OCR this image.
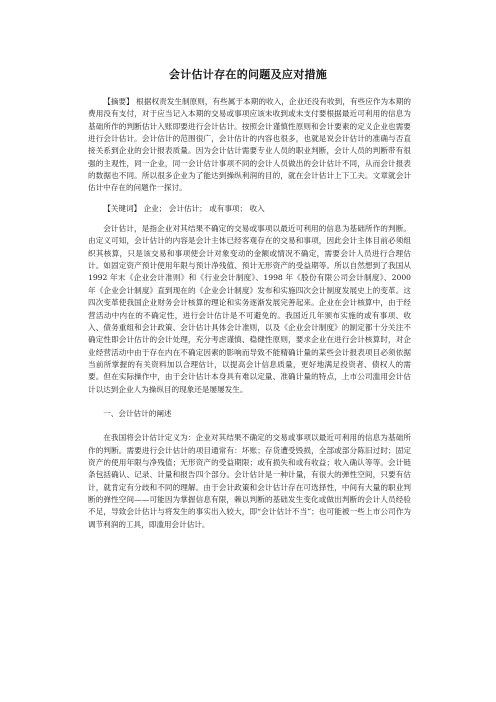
会计估计存在的问题及应对措施

【摘要】 根据权责发生制原则，有些属于本期的收入，企业还没有收到，有些应作为本期的费用没有支付，对于应当记入本期的交易或事项应该未收到或未支付要根据最近可利用的信息为基础所作的判断估计入账即要进行会计估计。按照会计谨慎性原则和会计要素的定义企业也需要进行会计估计。会计估计的范围很广，会计估计的内容也很多，也就是说会计估计的准确与否直接关系到企业的会计报表质量。因为会计估计需要专业人员的职业判断，会计人员的判断带有很强的主观性，同一企业，同一会计估计事项不同的会计人员做出的会计估计不同，从而会计报表的数据也不同。所以很多企业为了能达到操纵利润的目的，就在会计估计上下工夫。文章就会计估计中存在的问题作一探讨。

【关键词】 企业； 会计估计； 或有事项； 收入

会计估计，是指企业对其结果不确定的交易或事项以最近可利用的信息为基础所作的判断。由定义可知，会计估计的内容是会计主体已经客观存在的交易和事项，因此会计主体目前必须组织其核算，只是该交易和事项使会计对象变动的金额或情况不确定，需要会计人员进行合理估计。如固定资产预计使用年限与预计净残值、预计无形资产的受益期等。所以自然想到了我国从 1992 年末《企业会计准则》和《行业会计制度》、1998 年《股份有限公司会计制度》、2000 年《企业会计制度》直到现在的《企业会计制度》发布和实施四次会计制度发展史上的变革。这四次变革使我国企业财务会计核算的理论和实务逐渐发展完善起来。企业在会计核算中，由于经营活动中内在的不确定性，进行会计估计是不可避免的。我国近几年颁布实施的或有事项、收入、债务重组和会计政策、会计估计具体会计准则，以及《企业会计制度》的制定都十分关注不确定性即会计估计的会计处理，充分考虑谨慎、稳健性原则，要求企业在进行会计核算时，对企业经营活动中由于存在内在不确定因素的影响而导致不能精确计量的某些会计报表项目必须依据当前所掌握的有关资料加以合理估计，以提高会计信息质量，更好地满足投资者、债权人的需要。但在实际操作中，由于会计估计本身具有难以定量、准确计量的特点，上市公司滥用会计估计以达到企业人为操纵目的现象还是屡屡发生。

一、会计估计的阐述

在我国将会计估计定义为：企业对其结果不确定的交易或事项以最近可利用的信息为基础所作的判断。需要进行会计估计的项目通常有：坏账；存货遭受毁损，全部或部分陈旧过时；固定资产的使用年限与净残值；无形资产的受益期限；或有损失和或有收益；收入确认等等。会计链条包括确认、记录、计量和报告四个部分。会计估计是一种计量，有很大的弹性空间，只要有估计，就肯定有分歧和不同的理解。由于会计政策和会计估计存在可选择性，中间有大量的职业判断的弹性空间——可能因为掌握信息有限，赖以判断的基础发生变化或做出判断的会计人员经验不足，导致会计估计与将发生的事实出入较大，即“会计估计不当”；也可能被一些上市公司作为调节利润的工具，即滥用会计估计。
